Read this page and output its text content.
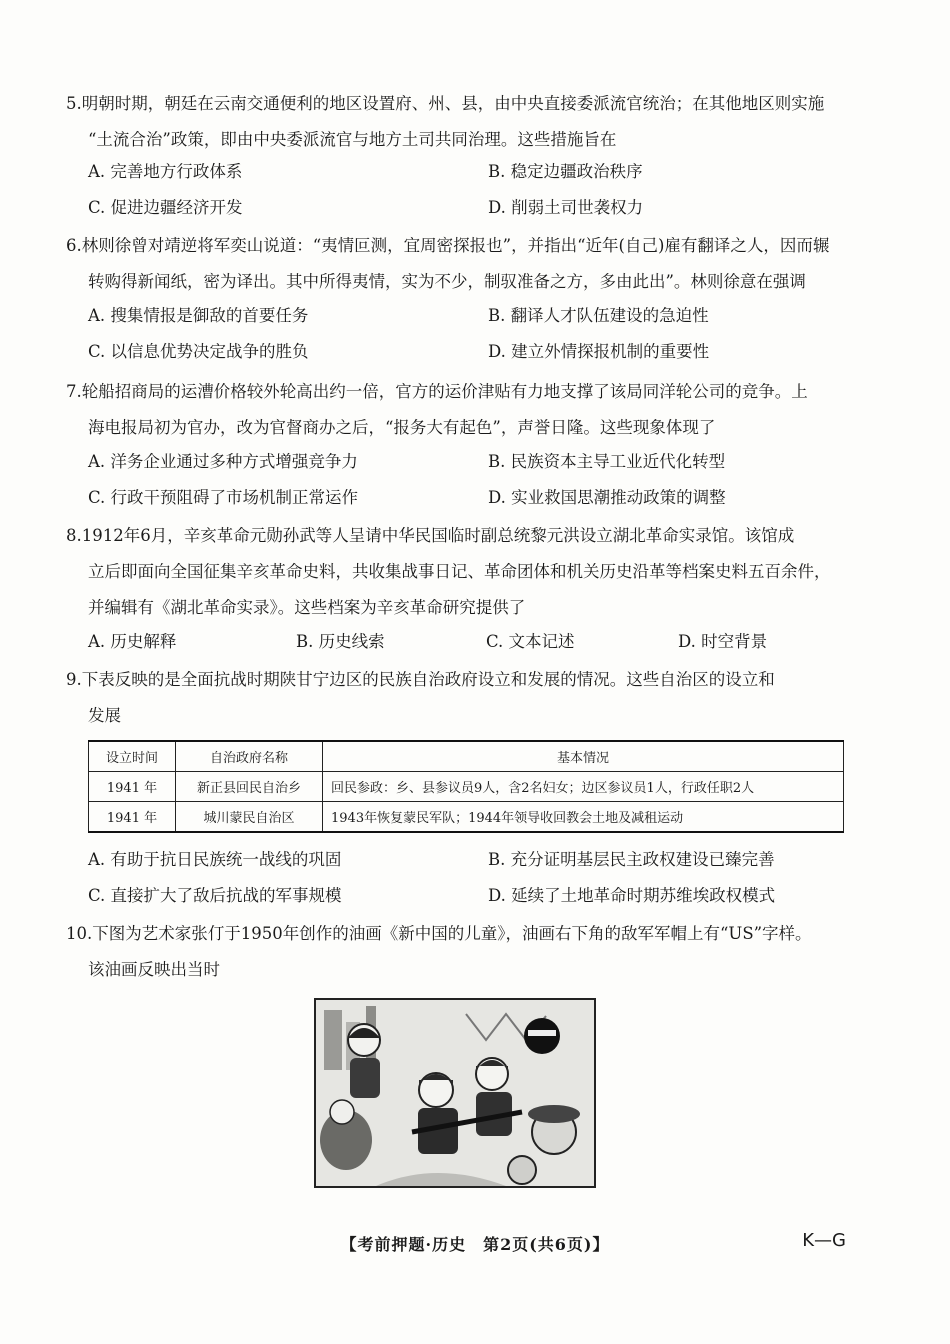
5.明朝时期，朝廷在云南交通便利的地区设置府、州、县，由中央直接委派流官统治；在其他地区则实施
“土流合治”政策，即由中央委派流官与地方土司共同治理。这些措施旨在
A. 完善地方行政体系	B. 稳定边疆政治秩序
C. 促进边疆经济开发	D. 削弱土司世袭权力
6.林则徐曾对靖逆将军奕山说道：“夷情叵测，宜周密探报也”，并指出“近年(自己)雇有翻译之人，因而辗
转购得新闻纸，密为译出。其中所得夷情，实为不少，制驭准备之方，多由此出”。林则徐意在强调
A. 搜集情报是御敌的首要任务	B. 翻译人才队伍建设的急迫性
C. 以信息优势决定战争的胜负	D. 建立外情探报机制的重要性
7.轮船招商局的运漕价格较外轮高出约一倍，官方的运价津贴有力地支撑了该局同洋轮公司的竞争。上
海电报局初为官办，改为官督商办之后，“报务大有起色”，声誉日隆。这些现象体现了
A. 洋务企业通过多种方式增强竞争力	B. 民族资本主导工业近代化转型
C. 行政干预阻碍了市场机制正常运作	D. 实业救国思潮推动政策的调整
8.1912年6月，辛亥革命元勋孙武等人呈请中华民国临时副总统黎元洪设立湖北革命实录馆。该馆成
立后即面向全国征集辛亥革命史料，共收集战事日记、革命团体和机关历史沿革等档案史料五百余件，
并编辑有《湖北革命实录》。这些档案为辛亥革命研究提供了
A. 历史解释	B. 历史线索	C. 文本记述	D. 时空背景
9.下表反映的是全面抗战时期陕甘宁边区的民族自治政府设立和发展的情况。这些自治区的设立和
发展
设立时间	自治政府名称	基本情况
1941 年	新正县回民自治乡	回民参政：乡、县参议员9人，含2名妇女；边区参议员1人，行政任职2人
1941 年	城川蒙民自治区	1943年恢复蒙民军队；1944年领导收回教会土地及减租运动
A. 有助于抗日民族统一战线的巩固	B. 充分证明基层民主政权建设已臻完善
C. 直接扩大了敌后抗战的军事规模	D. 延续了土地革命时期苏维埃政权模式
10.下图为艺术家张仃于1950年创作的油画《新中国的儿童》，油画右下角的敌军军帽上有“US”字样。
该油画反映出当时
【考前押题·历史　第2页(共6页)】	K—G
